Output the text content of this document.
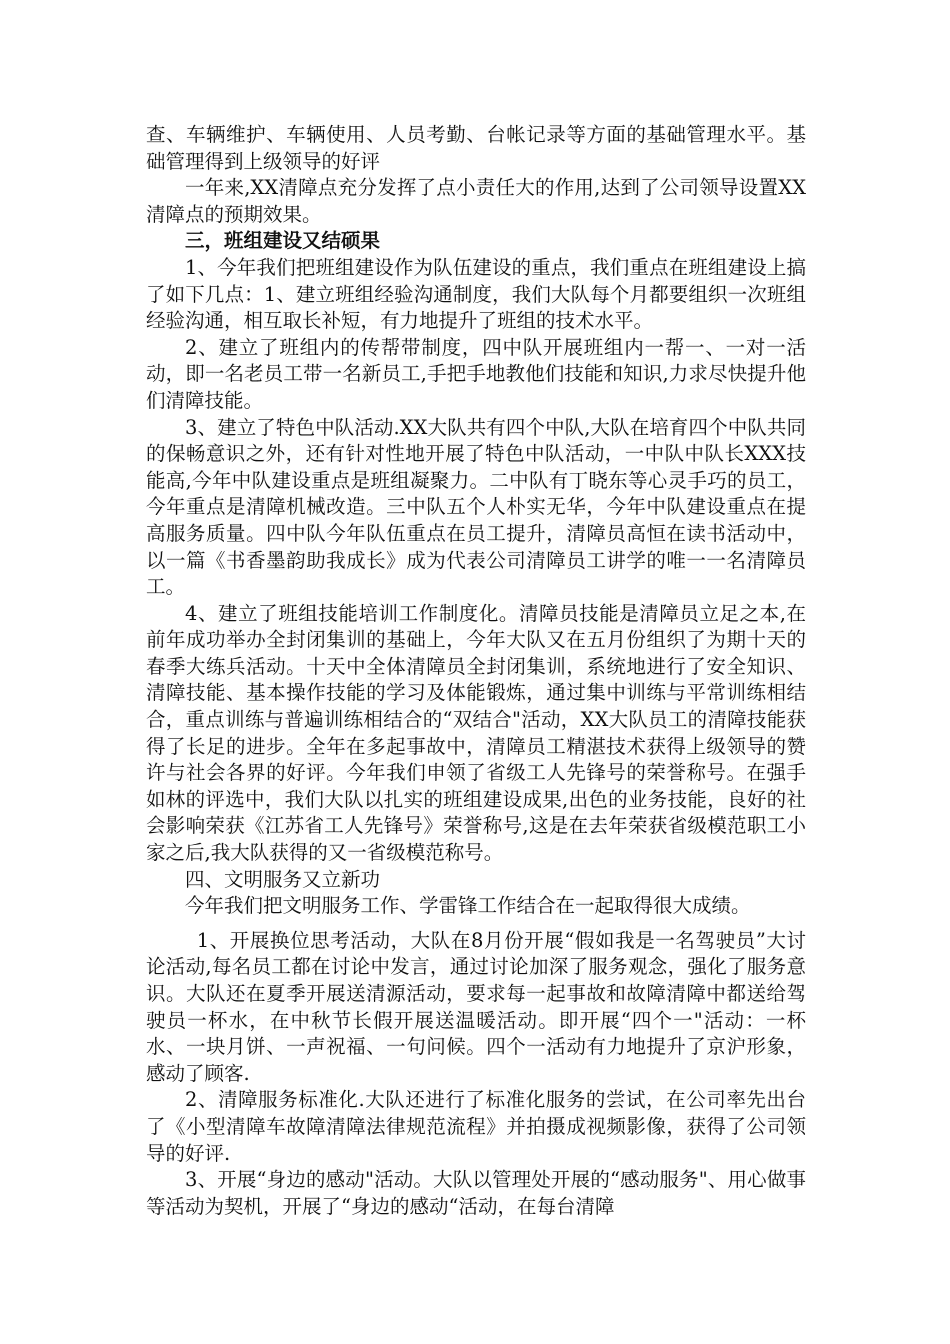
查、车辆维护、车辆使用、人员考勤、台帐记录等方面的基础管理水平。基础管理得到上级领导的好评

一年来,XX清障点充分发挥了点小责任大的作用,达到了公司领导设置XX清障点的预期效果。

三，班组建设又结硕果

1、今年我们把班组建设作为队伍建设的重点，我们重点在班组建设上搞了如下几点：1、建立班组经验沟通制度，我们大队每个月都要组织一次班组经验沟通，相互取长补短，有力地提升了班组的技术水平。

2、建立了班组内的传帮带制度，四中队开展班组内一帮一、一对一活动，即一名老员工带一名新员工,手把手地教他们技能和知识,力求尽快提升他们清障技能。

3、建立了特色中队活动.XX大队共有四个中队,大队在培育四个中队共同的保畅意识之外，还有针对性地开展了特色中队活动，一中队中队长XXX技能高,今年中队建设重点是班组凝聚力。二中队有丁晓东等心灵手巧的员工，今年重点是清障机械改造。三中队五个人朴实无华，今年中队建设重点在提高服务质量。四中队今年队伍重点在员工提升，清障员高恒在读书活动中，以一篇《书香墨韵助我成长》成为代表公司清障员工讲学的唯一一名清障员工。

4、建立了班组技能培训工作制度化。清障员技能是清障员立足之本,在前年成功举办全封闭集训的基础上，今年大队又在五月份组织了为期十天的春季大练兵活动。十天中全体清障员全封闭集训，系统地进行了安全知识、清障技能、基本操作技能的学习及体能锻炼，通过集中训练与平常训练相结合，重点训练与普遍训练相结合的“双结合"活动，XX大队员工的清障技能获得了长足的进步。全年在多起事故中，清障员工精湛技术获得上级领导的赞许与社会各界的好评。今年我们申领了省级工人先锋号的荣誉称号。在强手如林的评选中，我们大队以扎实的班组建设成果,出色的业务技能，良好的社会影响荣获《江苏省工人先锋号》荣誉称号,这是在去年荣获省级模范职工小家之后,我大队获得的又一省级模范称号。

四、文明服务又立新功

今年我们把文明服务工作、学雷锋工作结合在一起取得很大成绩。

1、开展换位思考活动，大队在8月份开展“假如我是一名驾驶员”大讨论活动,每名员工都在讨论中发言，通过讨论加深了服务观念，强化了服务意识。大队还在夏季开展送清源活动，要求每一起事故和故障清障中都送给驾驶员一杯水，在中秋节长假开展送温暖活动。即开展“四个一"活动：一杯水、一块月饼、一声祝福、一句问候。四个一活动有力地提升了京沪形象，感动了顾客.

2、清障服务标准化.大队还进行了标准化服务的尝试，在公司率先出台了《小型清障车故障清障法律规范流程》并拍摄成视频影像，获得了公司领导的好评.

3、开展“身边的感动"活动。大队以管理处开展的“感动服务"、用心做事等活动为契机，开展了“身边的感动“活动，在每台清障
